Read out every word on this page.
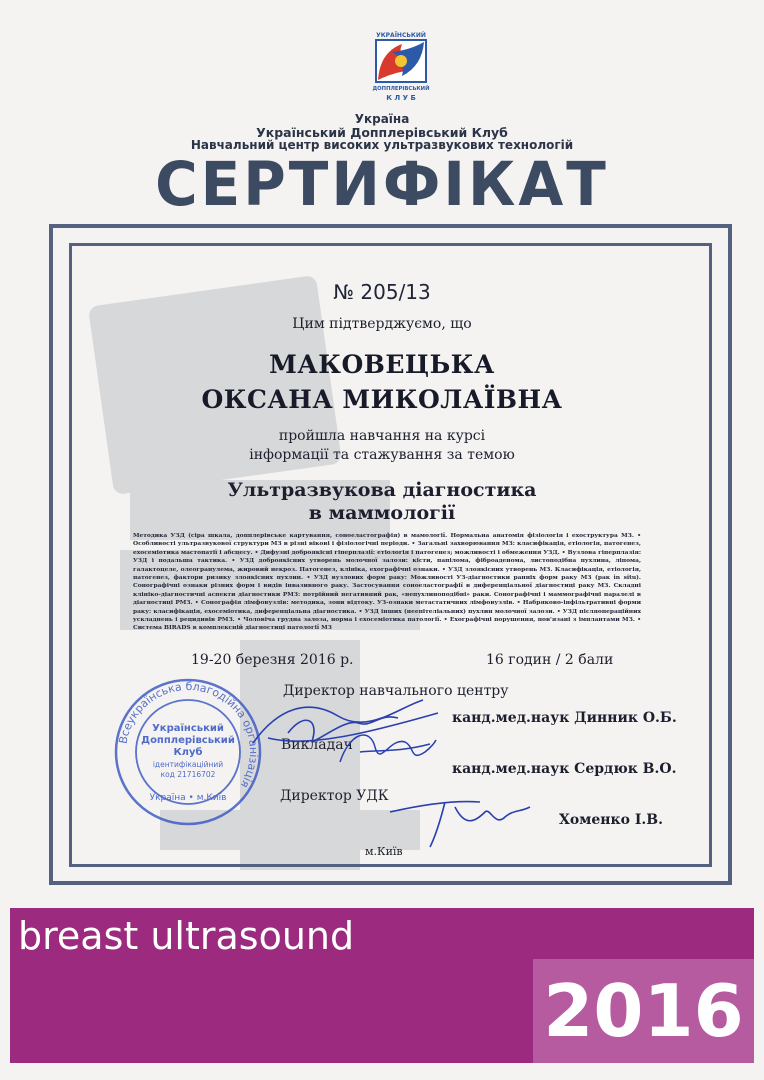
УКРАЇНСЬКИЙ
ДОППЛЕРІВСЬКИЙ
К Л У Б
Україна
Український Допплерівський Клуб
Навчальний центр високих ультразвукових технологій
СЕРТИФІКАТ
№ 205/13
Цим підтверджуємо, що
МАКОВЕЦЬКА
ОКСАНА МИКОЛАЇВНА
пройшла навчання на курсі
інформації та стажування за темою
Ультразвукова діагностика
в маммології
Методика УЗД (сіра шкала, допплерівське картування, соноеластографія) в мамології. Нормальна анатомія фізіологія і ехоструктура МЗ. • Особливості ультразвукової структури МЗ в різні вікові і фізіологічні періоди. • Загальні захворювання МЗ: класифікація, етіологія, патогенез, ехосеміотика мастопатії і абсцесу. • Дифузні доброякісні гіперплазії: етіологія і патогенез; можливості і обмеження УЗД. • Вузлова гіперплазія: УЗД і подальша тактика. • УЗД доброякісних утворень молочної залози: кісти, папілома, фіброаденома, листоподібна пухлина, ліпома, галактоцеле, олеогранулема, жировий некроз. Патогенез, клініка, ехографічні ознаки. • УЗД злоякісних утворень МЗ. Класифікація, етіологія, патогенез, фактори ризику злоякісних пухлин. • УЗД вузлових форм раку: Можливості УЗ-діагностики ранніх форм раку МЗ (рак in situ). Сонографічні ознаки різних форм і видів інвазивного раку. Застосування соноеластографії в диференціальної діагностиці раку МЗ. Складні клініко-діагностичні аспекти діагностики РМЗ: потрійний негативний рак, «непухлиноподібні» раки. Сонографічні і маммографічні паралелі в діагностиці РМЗ. • Сонографія лімфовузлів: методика, зони відтоку. УЗ-ознаки метастатичних лімфовузлів. • Набряково-інфільтративні форми раку: класифікація, ехосеміотика, диференціальна діагностика. • УЗД інших (неепітеліальних) пухлин молочної залози. • УЗД післяопераційних ускладнень і рецидивів РМЗ. • Чоловіча грудна залоза, норма і ехосеміотика патології. • Ехографічні порушення, пов'язані з імплантами МЗ. • Система BIRADS в комплексній діагностиці патології МЗ
19-20 березня 2016 р.	16 годин / 2 бали
Всеукраїнська благодійна організація
Український
Допплерівський
Клуб
ідентифікаційний
код 21716702
Україна • м.Київ
Директор навчального центру
канд.мед.наук Динник О.Б.
Викладач
канд.мед.наук Сердюк В.О.
Директор УДК
Хоменко І.В.
м.Київ
breast ultrasound
2016
